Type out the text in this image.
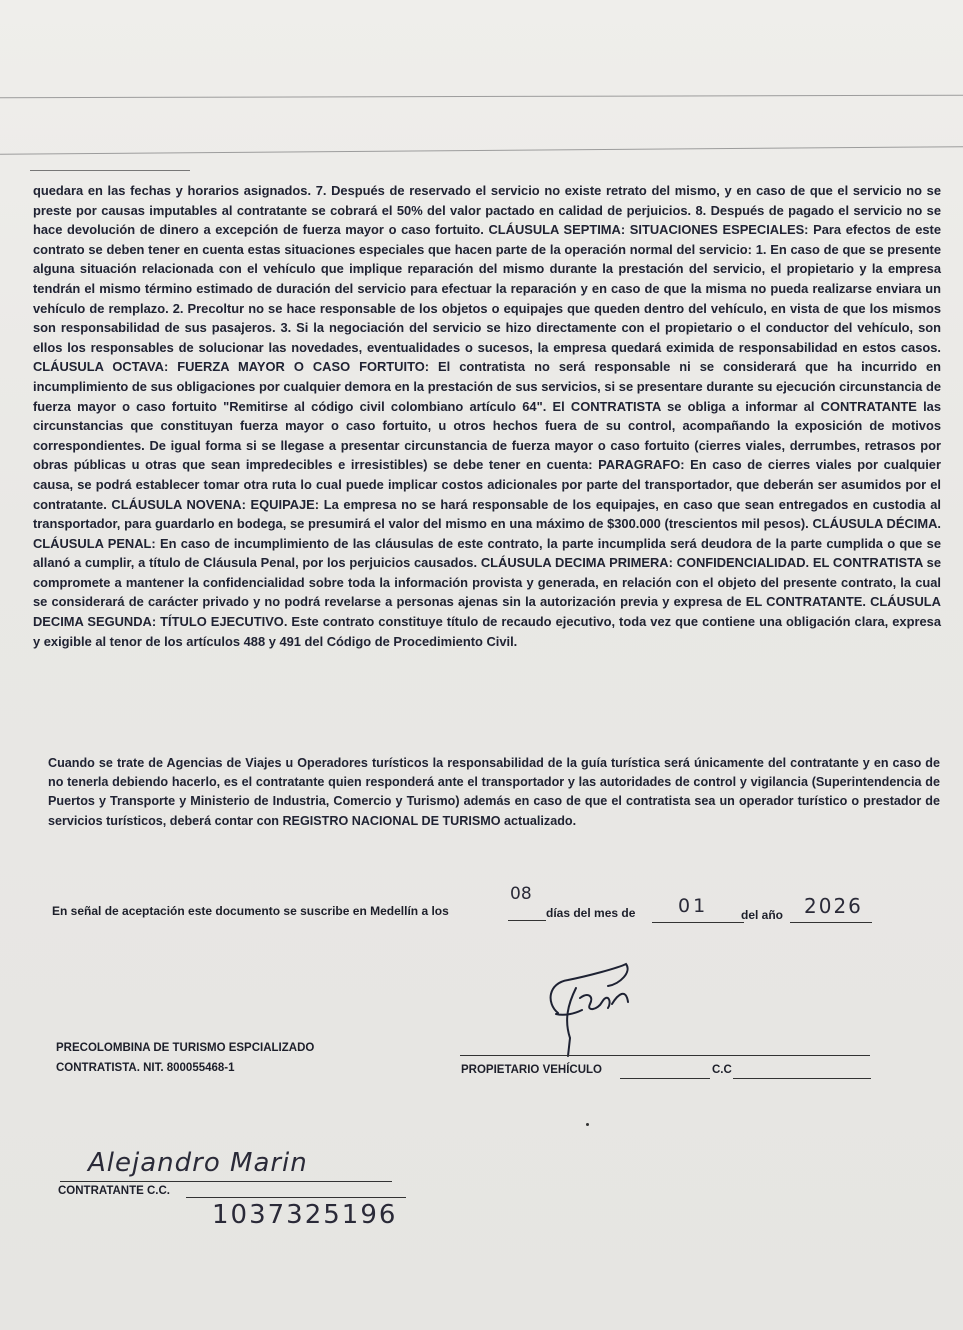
quedara en las fechas y horarios asignados. 7. Después de reservado el servicio no existe retrato del mismo, y en caso de que el servicio no se preste por causas imputables al contratante se cobrará el 50% del valor pactado en calidad de perjuicios. 8. Después de pagado el servicio no se hace devolución de dinero a excepción de fuerza mayor o caso fortuito. CLÁUSULA SEPTIMA: SITUACIONES ESPECIALES: Para efectos de este contrato se deben tener en cuenta estas situaciones especiales que hacen parte de la operación normal del servicio: 1. En caso de que se presente alguna situación relacionada con el vehículo que implique reparación del mismo durante la prestación del servicio, el propietario y la empresa tendrán el mismo término estimado de duración del servicio para efectuar la reparación y en caso de que la misma no pueda realizarse enviara un vehículo de remplazo. 2. Precoltur no se hace responsable de los objetos o equipajes que queden dentro del vehículo, en vista de que los mismos son responsabilidad de sus pasajeros. 3. Si la negociación del servicio se hizo directamente con el propietario o el conductor del vehículo, son ellos los responsables de solucionar las novedades, eventualidades o sucesos, la empresa quedará eximida de responsabilidad en estos casos. CLÁUSULA OCTAVA: FUERZA MAYOR O CASO FORTUITO: El contratista no será responsable ni se considerará que ha incurrido en incumplimiento de sus obligaciones por cualquier demora en la prestación de sus servicios, si se presentare durante su ejecución circunstancia de fuerza mayor o caso fortuito "Remitirse al código civil colombiano artículo 64". El CONTRATISTA se obliga a informar al CONTRATANTE las circunstancias que constituyan fuerza mayor o caso fortuito, u otros hechos fuera de su control, acompañando la exposición de motivos correspondientes. De igual forma si se llegase a presentar circunstancia de fuerza mayor o caso fortuito (cierres viales, derrumbes, retrasos por obras públicas u otras que sean impredecibles e irresistibles) se debe tener en cuenta: PARAGRAFO: En caso de cierres viales por cualquier causa, se podrá establecer tomar otra ruta lo cual puede implicar costos adicionales por parte del transportador, que deberán ser asumidos por el contratante. CLÁUSULA NOVENA: EQUIPAJE: La empresa no se hará responsable de los equipajes, en caso que sean entregados en custodia al transportador, para guardarlo en bodega, se presumirá el valor del mismo en una máximo de $300.000 (trescientos mil pesos). CLÁUSULA DÉCIMA. CLÁUSULA PENAL: En caso de incumplimiento de las cláusulas de este contrato, la parte incumplida será deudora de la parte cumplida o que se allanó a cumplir, a título de Cláusula Penal, por los perjuicios causados. CLÁUSULA DECIMA PRIMERA: CONFIDENCIALIDAD. EL CONTRATISTA se compromete a mantener la confidencialidad sobre toda la información provista y generada, en relación con el objeto del presente contrato, la cual se considerará de carácter privado y no podrá revelarse a personas ajenas sin la autorización previa y expresa de EL CONTRATANTE. CLÁUSULA DECIMA SEGUNDA: TÍTULO EJECUTIVO. Este contrato constituye título de recaudo ejecutivo, toda vez que contiene una obligación clara, expresa y exigible al tenor de los artículos 488 y 491 del Código de Procedimiento Civil.

Cuando se trate de Agencias de Viajes u Operadores turísticos la responsabilidad de la guía turística será únicamente del contratante y en caso de no tenerla debiendo hacerlo, es el contratante quien responderá ante el transportador y las autoridades de control y vigilancia (Superintendencia de Puertos y Transporte y Ministerio de Industria, Comercio y Turismo) además en caso de que el contratista sea un operador turístico o prestador de servicios turísticos, deberá contar con REGISTRO NACIONAL DE TURISMO actualizado.

En señal de aceptación este documento se suscribe en Medellín a los
08
días del mes de 01	del año 2026
PRECOLOMBINA DE TURISMO ESPCIALIZADO
CONTRATISTA. NIT. 800055468-1	PROPIETARIO VEHÍCULO	C.C
Alejandro Marin
CONTRATANTE C.C.
1037325196
